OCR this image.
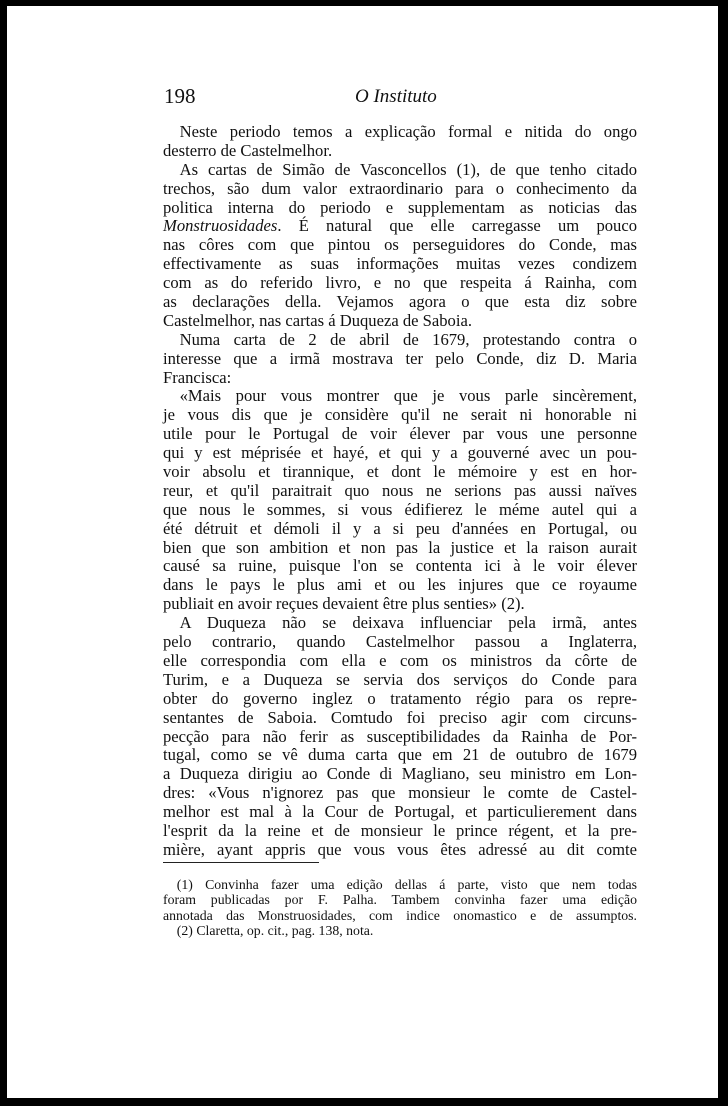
198	O Instituto
 Neste periodo temos a explicação formal e nitida do ongo
desterro de Castelmelhor.
 As cartas de Simão de Vasconcellos (1), de que tenho citado
trechos, são dum valor extraordinario para o conhecimento da
politica interna do periodo e supplementam as noticias das
Monstruosidades. É natural que elle carregasse um pouco
nas côres com que pintou os perseguidores do Conde, mas
effectivamente as suas informações muitas vezes condizem
com as do referido livro, e no que respeita á Rainha, com
as declarações della. Vejamos agora o que esta diz sobre
Castelmelhor, nas cartas á Duqueza de Saboia.
 Numa carta de 2 de abril de 1679, protestando contra o
interesse que a irmã mostrava ter pelo Conde, diz D. Maria
Francisca:
 «Mais pour vous montrer que je vous parle sincèrement,
je vous dis que je considère qu'il ne serait ni honorable ni
utile pour le Portugal de voir élever par vous une personne
qui y est méprisée et hayé, et qui y a gouverné avec un pou-
voir absolu et tirannique, et dont le mémoire y est en hor-
reur, et qu'il paraitrait quo nous ne serions pas aussi naïves
que nous le sommes, si vous édifierez le méme autel qui a
été détruit et démoli il y a si peu d'années en Portugal, ou
bien que son ambition et non pas la justice et la raison aurait
causé sa ruine, puisque l'on se contenta ici à le voir élever
dans le pays le plus ami et ou les injures que ce royaume
publiait en avoir reçues devaient être plus senties» (2).
 A Duqueza não se deixava influenciar pela irmã, antes
pelo contrario, quando Castelmelhor passou a Inglaterra,
elle correspondia com ella e com os ministros da côrte de
Turim, e a Duqueza se servia dos serviços do Conde para
obter do governo inglez o tratamento régio para os repre-
sentantes de Saboia. Comtudo foi preciso agir com circuns-
pecção para não ferir as susceptibilidades da Rainha de Por-
tugal, como se vê duma carta que em 21 de outubro de 1679
a Duqueza dirigiu ao Conde di Magliano, seu ministro em Lon-
dres: «Vous n'ignorez pas que monsieur le comte de Castel-
melhor est mal à la Cour de Portugal, et particulierement dans
l'esprit da la reine et de monsieur le prince régent, et la pre-
mière, ayant appris que vous vous êtes adressé au dit comte
 (1) Convinha fazer uma edição dellas á parte, visto que nem todas
foram publicadas por F. Palha. Tambem convinha fazer uma edição
annotada das Monstruosidades, com indice onomastico e de assumptos.
 (2) Claretta, op. cit., pag. 138, nota.
